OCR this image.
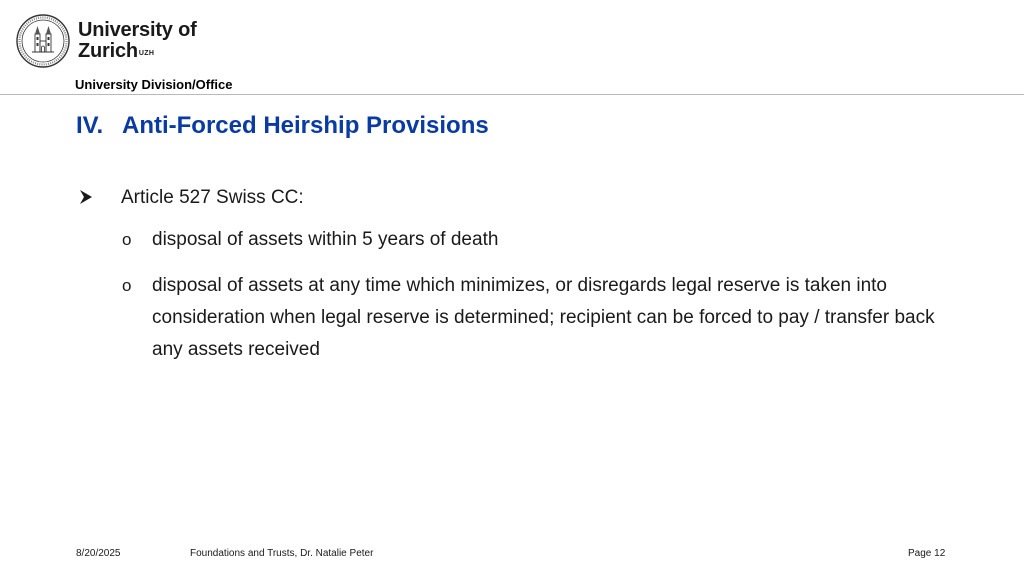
University of
Zurich$^{UZH}$
University Division/Office
IV. Anti-Forced Heirship Provisions
Article 527 Swiss CC:
o disposal of assets within 5 years of death
o disposal of assets at any time which minimizes, or disregards legal reserve is taken into consideration when legal reserve is determined; recipient can be forced to pay / transfer back any assets received
8/20/2025	Foundations and Trusts, Dr. Natalie Peter	Page 12
